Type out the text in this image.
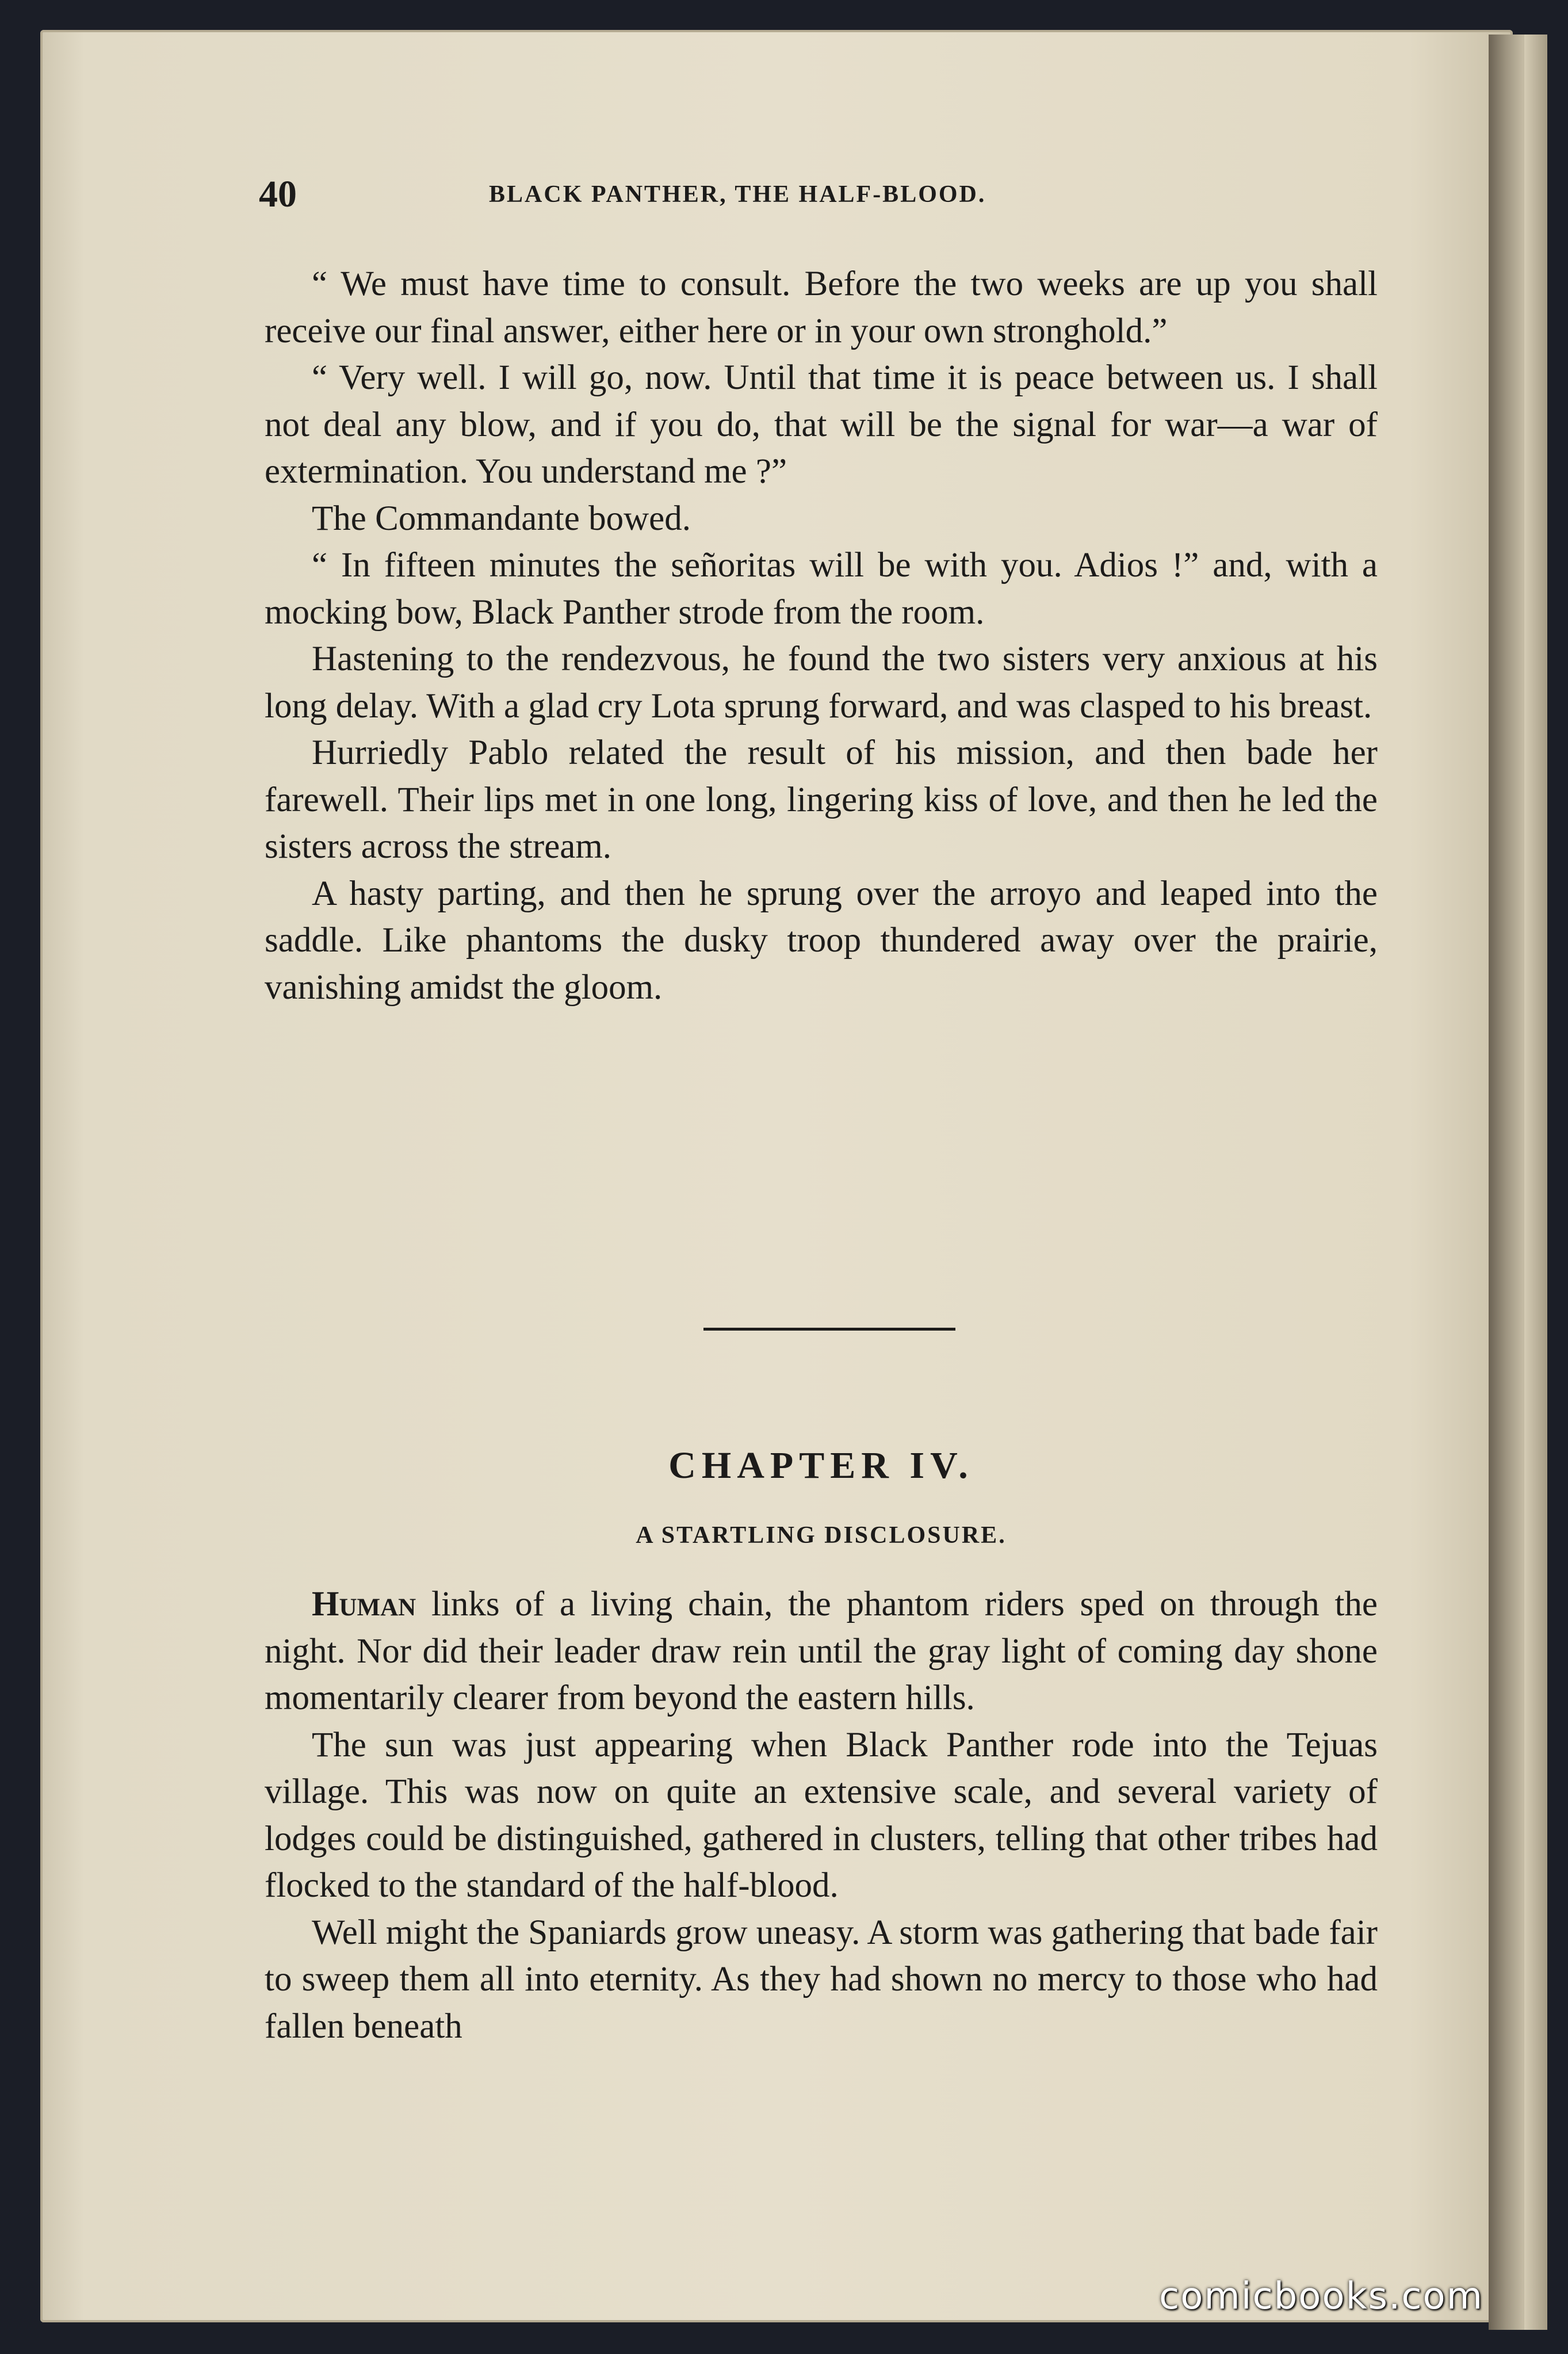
40	BLACK PANTHER, THE HALF-BLOOD.

“ We must have time to consult. Before the two weeks are up you shall receive our final answer, either here or in your own stronghold.”

“ Very well. I will go, now. Until that time it is peace between us. I shall not deal any blow, and if you do, that will be the signal for war—a war of extermination. You understand me ?”

The Commandante bowed.

“ In fifteen minutes the señoritas will be with you. Adios !” and, with a mocking bow, Black Panther strode from the room.

Hastening to the rendezvous, he found the two sisters very anxious at his long delay. With a glad cry Lota sprung forward, and was clasped to his breast.

Hurriedly Pablo related the result of his mission, and then bade her farewell. Their lips met in one long, lingering kiss of love, and then he led the sisters across the stream.

A hasty parting, and then he sprung over the arroyo and leaped into the saddle. Like phantoms the dusky troop thundered away over the prairie, vanishing amidst the gloom.

CHAPTER IV.
A STARTLING DISCLOSURE.

Human links of a living chain, the phantom riders sped on through the night. Nor did their leader draw rein until the gray light of coming day shone momentarily clearer from beyond the eastern hills.

The sun was just appearing when Black Panther rode into the Tejuas village. This was now on quite an extensive scale, and several variety of lodges could be distinguished, gathered in clusters, telling that other tribes had flocked to the standard of the half-blood.

Well might the Spaniards grow uneasy. A storm was gathering that bade fair to sweep them all into eternity. As they had shown no mercy to those who had fallen beneath

comicbooks.com
